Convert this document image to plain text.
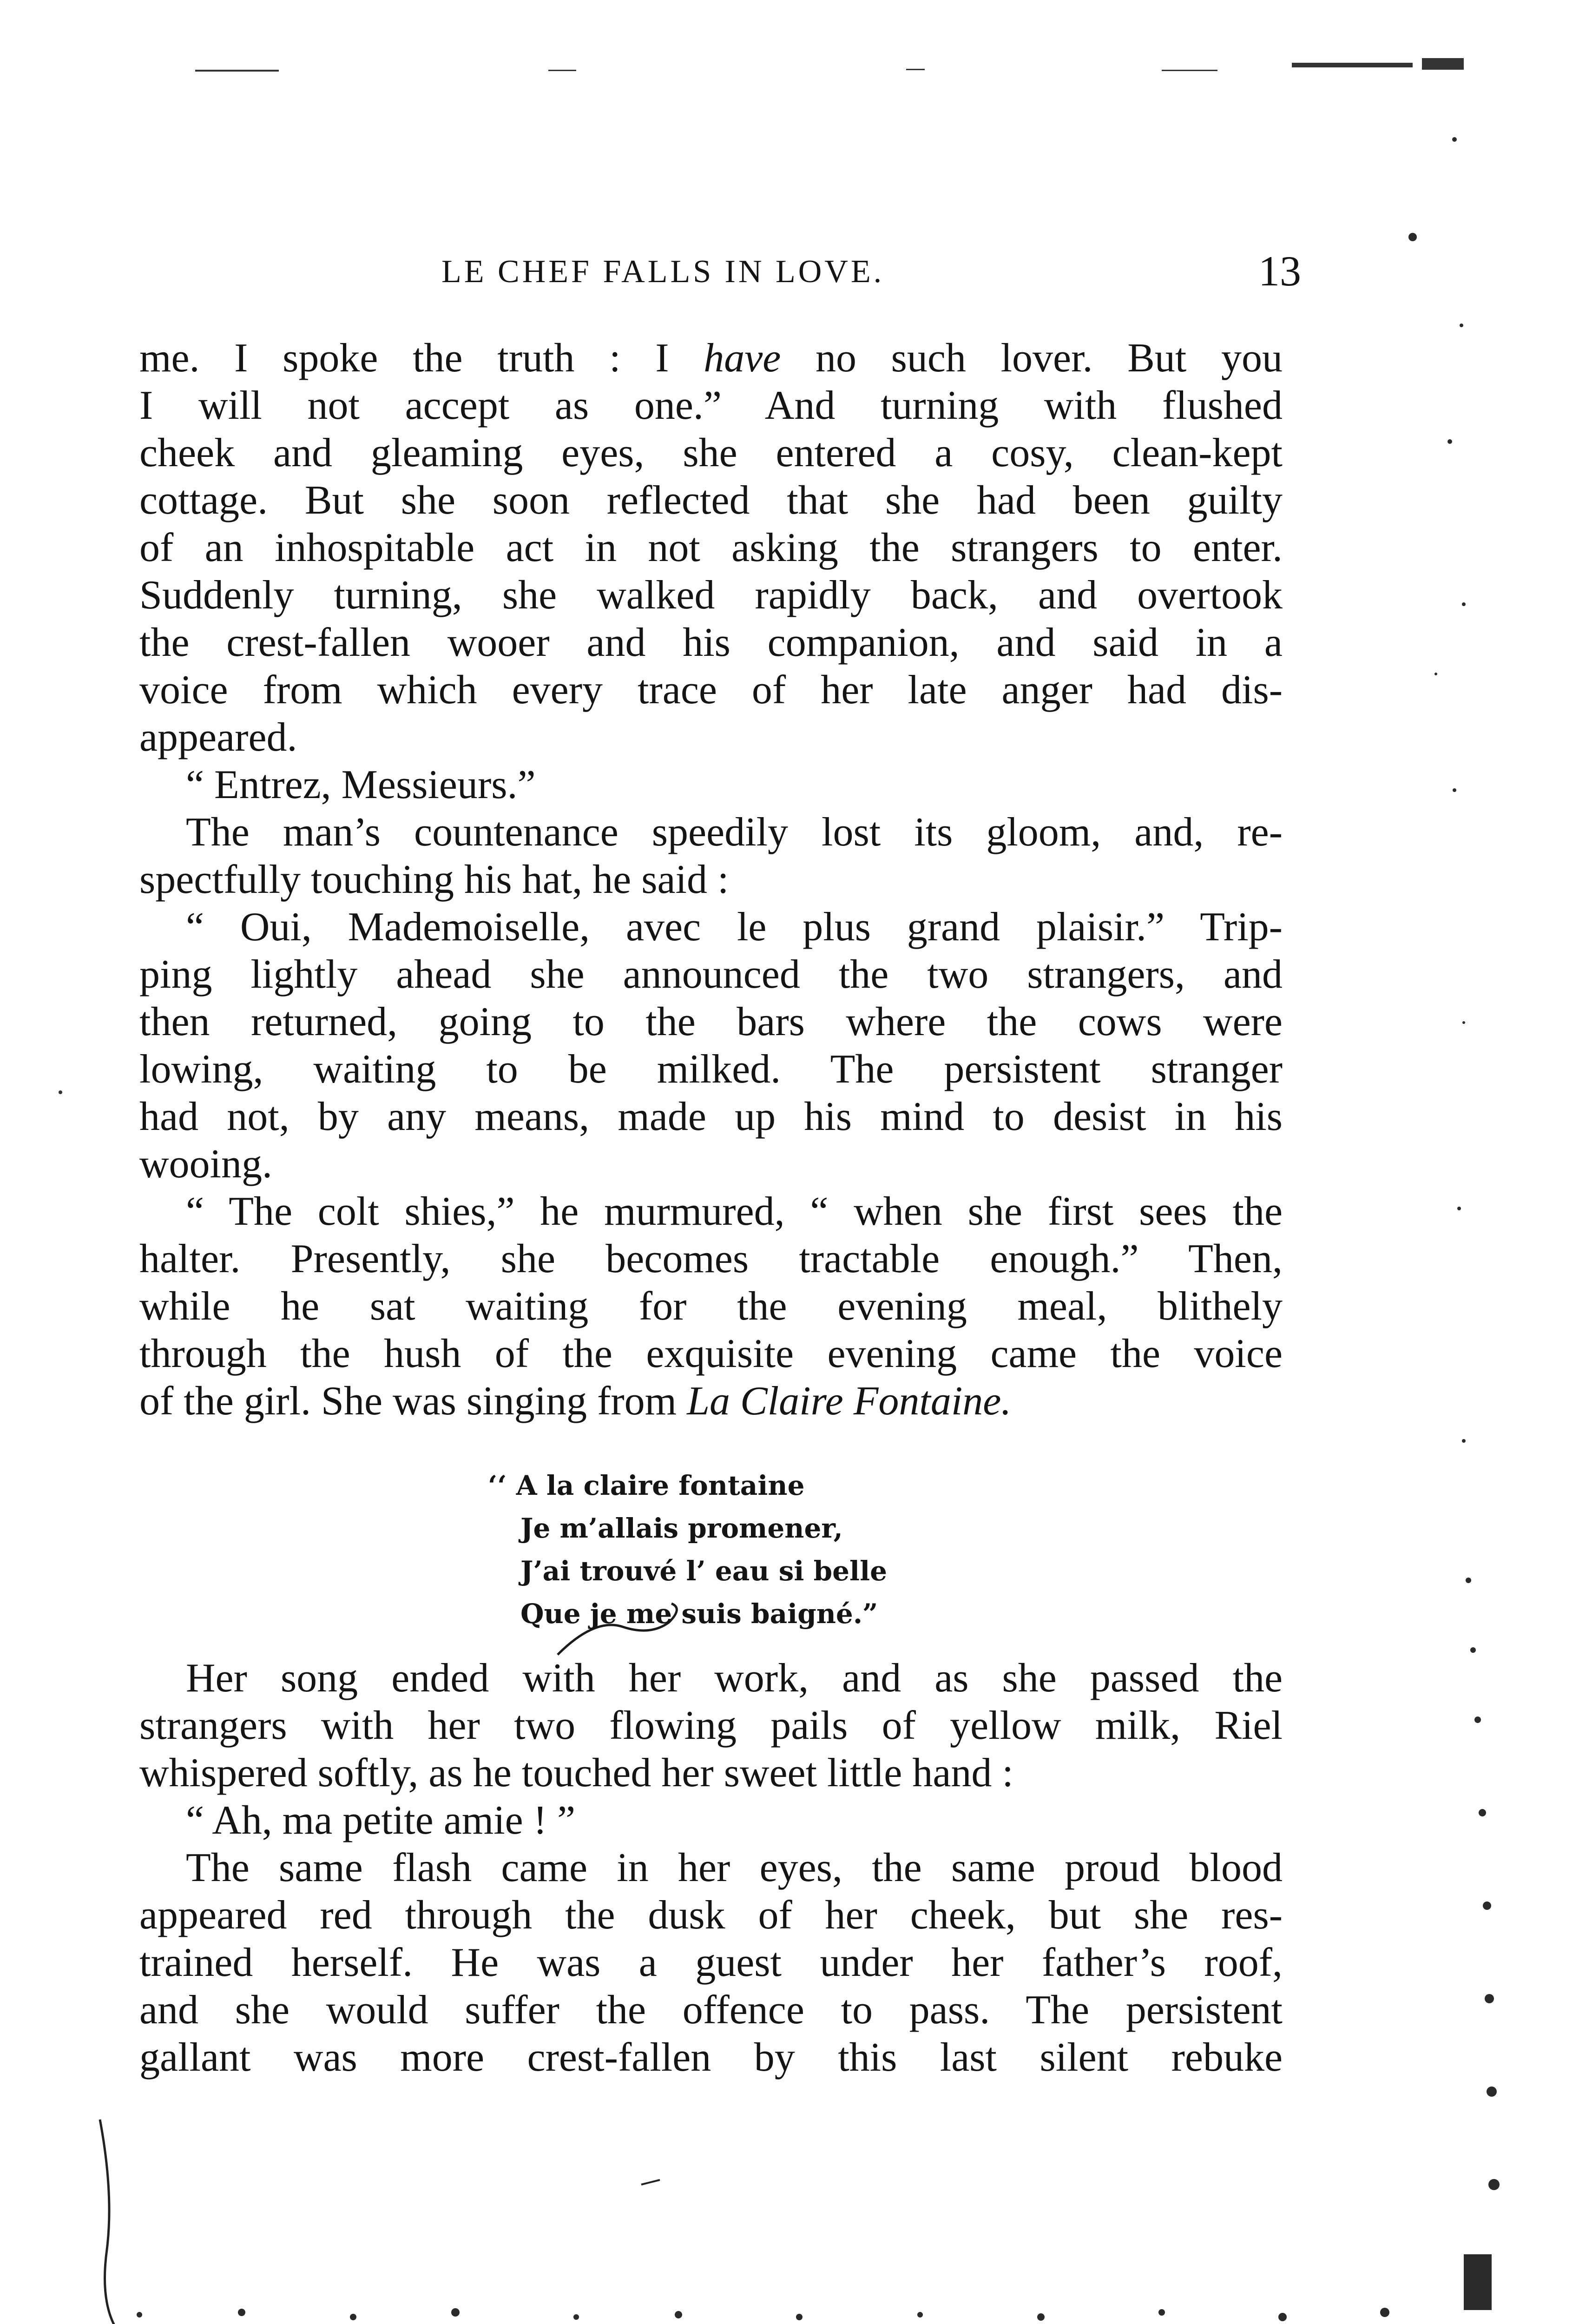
LE CHEF FALLS IN LOVE.	13
me. I spoke the truth : I have no such lover. But you
I will not accept as one.” And turning with flushed
cheek and gleaming eyes, she entered a cosy, clean-kept
cottage. But she soon reflected that she had been guilty
of an inhospitable act in not asking the strangers to enter.
Suddenly turning, she walked rapidly back, and overtook
the crest-fallen wooer and his companion, and said in a
voice from which every trace of her late anger had dis-
appeared.
“ Entrez, Messieurs.”
The man’s countenance speedily lost its gloom, and, re-
spectfully touching his hat, he said :
“ Oui, Mademoiselle, avec le plus grand plaisir.” Trip-
ping lightly ahead she announced the two strangers, and
then returned, going to the bars where the cows were
lowing, waiting to be milked. The persistent stranger
had not, by any means, made up his mind to desist in his
wooing.
“ The colt shies,” he murmured, “ when she first sees the
halter. Presently, she becomes tractable enough.” Then,
while he sat waiting for the evening meal, blithely
through the hush of the exquisite evening came the voice
of the girl. She was singing from La Claire Fontaine.
‘‘ A la claire fontaine
Je m’allais promener,
J’ai trouvé l’ eau si belle
Que je me suis baigné.”
Her song ended with her work, and as she passed the
strangers with her two flowing pails of yellow milk, Riel
whispered softly, as he touched her sweet little hand :
“ Ah, ma petite amie ! ”
The same flash came in her eyes, the same proud blood
appeared red through the dusk of her cheek, but she res-
trained herself. He was a guest under her father’s roof,
and she would suffer the offence to pass. The persistent
gallant was more crest-fallen by this last silent rebuke
